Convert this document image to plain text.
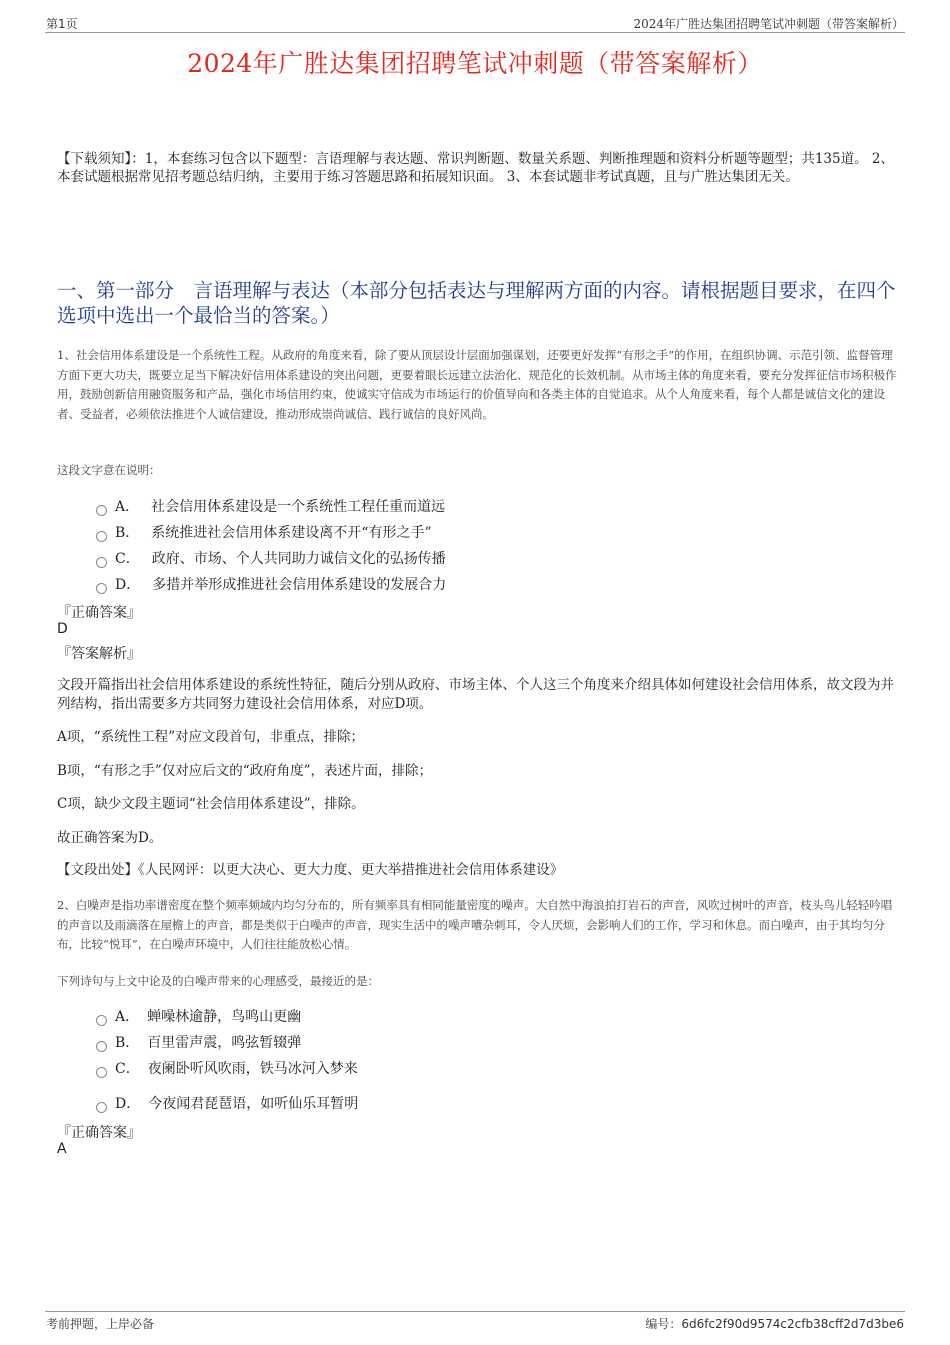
第1页	2024年广胜达集团招聘笔试冲刺题（带答案解析）
2024年广胜达集团招聘笔试冲刺题（带答案解析）
【下载须知】：1，本套练习包含以下题型：言语理解与表达题、常识判断题、数量关系题、判断推理题和资料分析题等题型；共135道。 2、本套试题根据常见招考题总结归纳，主要用于练习答题思路和拓展知识面。 3、本套试题非考试真题，且与广胜达集团无关。
一、第一部分　言语理解与表达（本部分包括表达与理解两方面的内容。请根据题目要求，在四个选项中选出一个最恰当的答案。）
1、社会信用体系建设是一个系统性工程。从政府的角度来看，除了要从顶层设计层面加强谋划，还要更好发挥“有形之手”的作用，在组织协调、示范引领、监督管理方面下更大功夫，既要立足当下解决好信用体系建设的突出问题，更要着眼长远建立法治化、规范化的长效机制。从市场主体的角度来看，要充分发挥征信市场积极作用，鼓励创新信用融资服务和产品，强化市场信用约束，使诚实守信成为市场运行的价值导向和各类主体的自觉追求。从个人角度来看，每个人都是诚信文化的建设者、受益者，必须依法推进个人诚信建设，推动形成崇尚诚信、践行诚信的良好风尚。
这段文字意在说明：
A． 社会信用体系建设是一个系统性工程任重而道远
B． 系统推进社会信用体系建设离不开“有形之手”
C． 政府、市场、个人共同助力诚信文化的弘扬传播
D． 多措并举形成推进社会信用体系建设的发展合力
『正确答案』
D
『答案解析』
文段开篇指出社会信用体系建设的系统性特征，随后分别从政府、市场主体、个人这三个角度来介绍具体如何建设社会信用体系，故文段为并列结构，指出需要多方共同努力建设社会信用体系，对应D项。
A项，“系统性工程”对应文段首句，非重点，排除；
B项，“有形之手”仅对应后文的“政府角度”，表述片面，排除；
C项，缺少文段主题词“社会信用体系建设”，排除。
故正确答案为D。
【文段出处】《人民网评：以更大决心、更大力度、更大举措推进社会信用体系建设》
2、白噪声是指功率谱密度在整个频率频域内均匀分布的，所有频率具有相同能量密度的噪声。大自然中海浪拍打岩石的声音，风吹过树叶的声音，枝头鸟儿轻轻吟唱的声音以及雨滴落在屋檐上的声音，都是类似于白噪声的声音，现实生活中的噪声嘈杂刺耳，令人厌烦，会影响人们的工作，学习和休息。而白噪声，由于其均匀分布，比较“悦耳”，在白噪声环境中，人们往往能放松心情。
下列诗句与上文中论及的白噪声带来的心理感受，最接近的是：
A． 蝉噪林逾静，鸟鸣山更幽
B． 百里雷声震，鸣弦暂辍弹
C． 夜阑卧听风吹雨，铁马冰河入梦来
D． 今夜闻君琵琶语，如听仙乐耳暂明
『正确答案』
A
考前押题，上岸必备	编号：6d6fc2f90d9574c2cfb38cff2d7d3be6
